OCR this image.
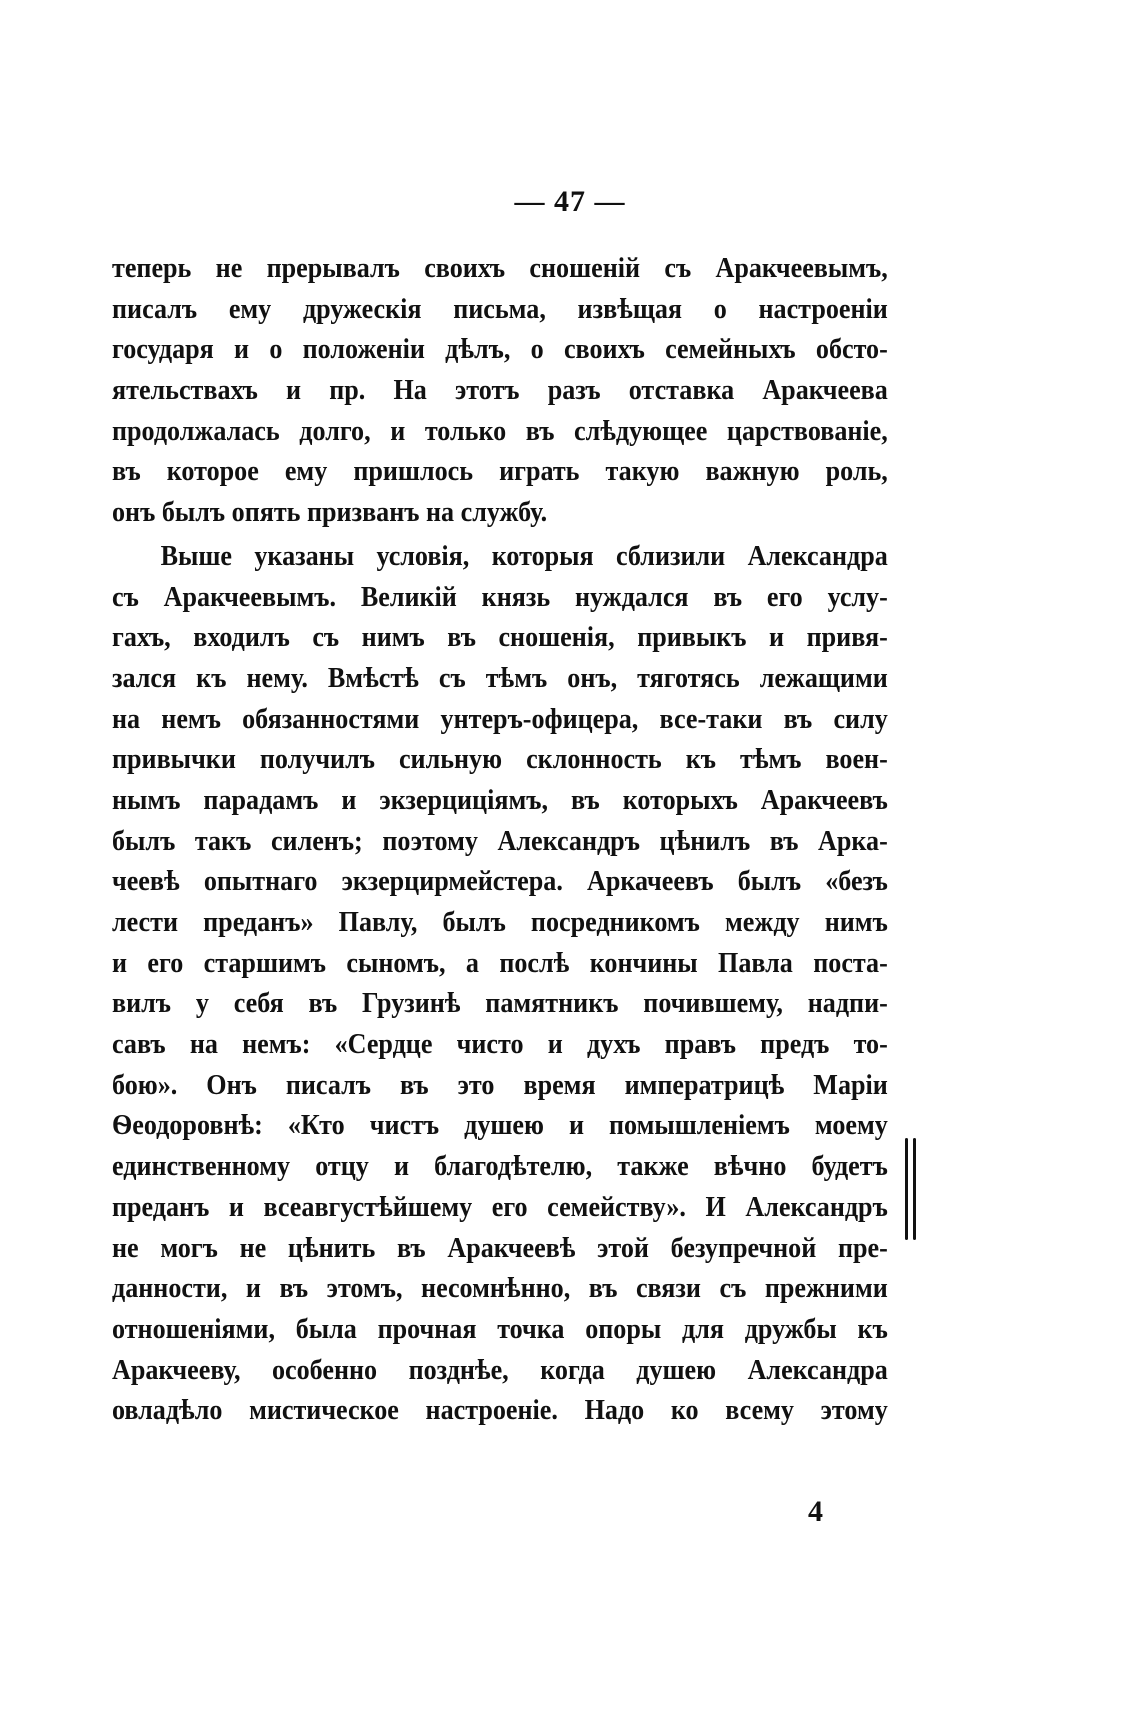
— 47 —
теперь не прерывалъ своихъ сношеній съ Аракчеевымъ,
писалъ ему дружескія письма, извѣщая о настроеніи
государя и о положеніи дѣлъ, о своихъ семейныхъ обсто-
ятельствахъ и пр. На этотъ разъ отставка Аракчеева
продолжалась долго, и только въ слѣдующее царствованіе,
въ которое ему пришлось играть такую важную роль,
онъ былъ опять призванъ на службу.
Выше указаны условія, которыя сблизили Александра
съ Аракчеевымъ. Великій князь нуждался въ его услу-
гахъ, входилъ съ нимъ въ сношенія, привыкъ и привя-
зался къ нему. Вмѣстѣ съ тѣмъ онъ, тяготясь лежащими
на немъ обязанностями унтеръ-офицера, все-таки въ силу
привычки получилъ сильную склонность къ тѣмъ воен-
нымъ парадамъ и экзерциціямъ, въ которыхъ Аракчеевъ
былъ такъ силенъ; поэтому Александръ цѣнилъ въ Арка-
чеевѣ опытнаго экзерцирмейстера. Аркачеевъ былъ «безъ
лести преданъ» Павлу, былъ посредникомъ между нимъ
и его старшимъ сыномъ, а послѣ кончины Павла поста-
вилъ у себя въ Грузинѣ памятникъ почившему, надпи-
савъ на немъ: «Сердце чисто и духъ правъ предъ то-
бою». Онъ писалъ въ это время императрицѣ Маріи
Ѳеодоровнѣ: «Кто чистъ душею и помышленіемъ моему
единственному отцу и благодѣтелю, также вѣчно будетъ
преданъ и всеавгустѣйшему его семейству». И Александръ
не могъ не цѣнить въ Аракчеевѣ этой безупречной пре-
данности, и въ этомъ, несомнѣнно, въ связи съ прежними
отношеніями, была прочная точка опоры для дружбы къ
Аракчееву, особенно позднѣе, когда душею Александра
овладѣло мистическое настроеніе. Надо ко всему этому
4
